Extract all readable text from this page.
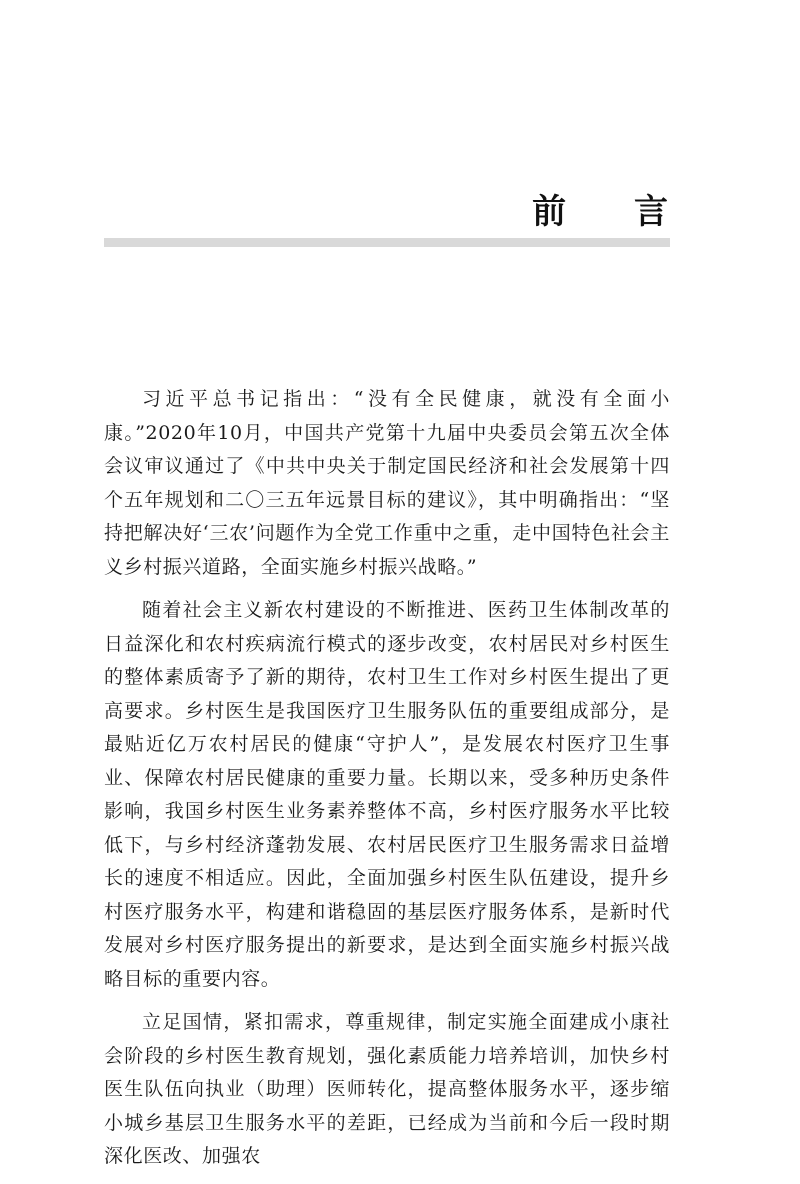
前 言

习近平总书记指出：“没有全民健康，就没有全面小康。”2020年10月，中国共产党第十九届中央委员会第五次全体会议审议通过了《中共中央关于制定国民经济和社会发展第十四个五年规划和二〇三五年远景目标的建议》，其中明确指出：“坚持把解决好‘三农’问题作为全党工作重中之重，走中国特色社会主义乡村振兴道路，全面实施乡村振兴战略。”

随着社会主义新农村建设的不断推进、医药卫生体制改革的日益深化和农村疾病流行模式的逐步改变，农村居民对乡村医生的整体素质寄予了新的期待，农村卫生工作对乡村医生提出了更高要求。乡村医生是我国医疗卫生服务队伍的重要组成部分，是最贴近亿万农村居民的健康“守护人”，是发展农村医疗卫生事业、保障农村居民健康的重要力量。长期以来，受多种历史条件影响，我国乡村医生业务素养整体不高，乡村医疗服务水平比较低下，与乡村经济蓬勃发展、农村居民医疗卫生服务需求日益增长的速度不相适应。因此，全面加强乡村医生队伍建设，提升乡村医疗服务水平，构建和谐稳固的基层医疗服务体系，是新时代发展对乡村医疗服务提出的新要求，是达到全面实施乡村振兴战略目标的重要内容。

立足国情，紧扣需求，尊重规律，制定实施全面建成小康社会阶段的乡村医生教育规划，强化素质能力培养培训，加快乡村医生队伍向执业（助理）医师转化，提高整体服务水平，逐步缩小城乡基层卫生服务水平的差距，已经成为当前和今后一段时期深化医改、加强农
